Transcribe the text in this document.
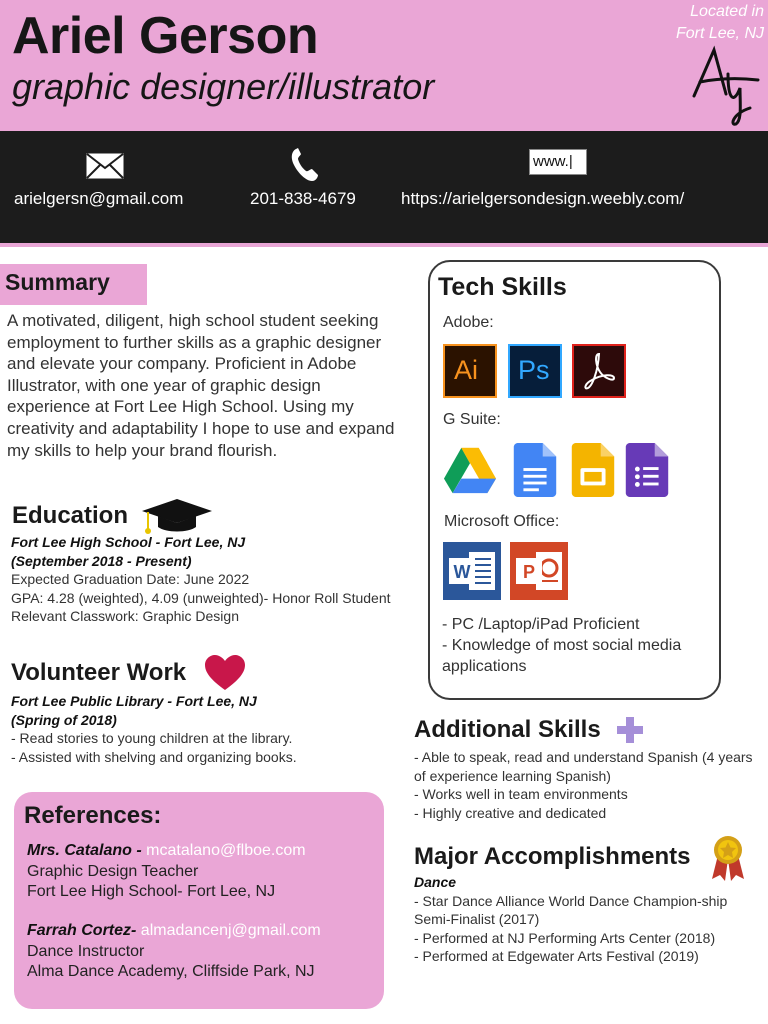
Ariel Gerson
graphic designer/illustrator
Located in
Fort Lee, NJ
arielgersn@gmail.com	201-838-4679
www.|
https://arielgersondesign.weebly.com/
Summary
A motivated, diligent, high school student seeking employment to further skills as a graphic designer and elevate your company. Proficient in Adobe Illustrator, with one year of graphic design experience at Fort Lee High School. Using my creativity and adaptability I hope to use and expand my skills to help your brand flourish.
Education
Fort Lee High School - Fort Lee, NJ
(September 2018 - Present)
Expected Graduation Date: June 2022
GPA: 4.28 (weighted), 4.09 (unweighted)- Honor Roll Student
Relevant Classwork: Graphic Design
Volunteer Work
Fort Lee Public Library - Fort Lee, NJ
(Spring of 2018)
- Read stories to young children at the library.
- Assisted with shelving and organizing books.
References:
Mrs. Catalano - mcatalano@flboe.com
Graphic Design Teacher
Fort Lee High School- Fort Lee, NJ
Farrah Cortez- almadancenj@gmail.com
Dance Instructor
Alma Dance Academy, Cliffside Park, NJ
Tech Skills
Adobe:
Ai Ps
G Suite:
Microsoft Office:
W	P
- PC /Laptop/iPad Proficient
- Knowledge of most social media applications
Additional Skills
- Able to speak, read and understand Spanish (4 years of experience learning Spanish)
- Works well in team environments
- Highly creative and dedicated
Major Accomplishments
Dance
- Star Dance Alliance World Dance Champion-ship Semi-Finalist (2017)
- Performed at NJ Performing Arts Center (2018)
- Performed at Edgewater Arts Festival (2019)
